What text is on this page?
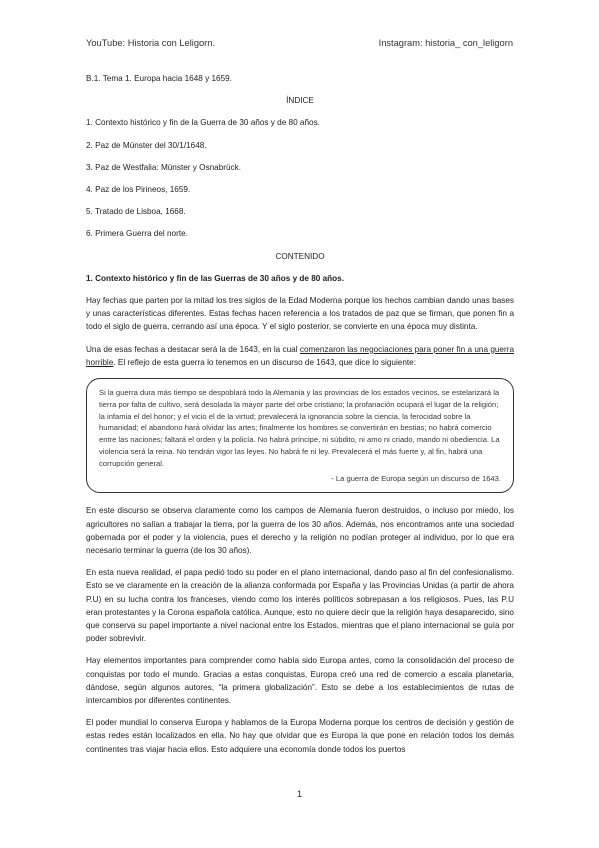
YouTube: Historia con Leligorn.	Instagram: historia_ con_leligorn
B.1. Tema 1. Europa hacia 1648 y 1659.
ÍNDICE
1. Contexto histórico y fin de la Guerra de 30 años y de 80 años.
2. Paz de Münster del 30/1/1648.
3. Paz de Westfalia: Münster y Osnabrück.
4. Paz de los Pirineos, 1659.
5. Tratado de Lisboa, 1668.
6. Primera Guerra del norte.
CONTENIDO
1. Contexto histórico y fin de las Guerras de 30 años y de 80 años.

Hay fechas que parten por la mitad los tres siglos de la Edad Moderna porque los hechos cambian dando unas bases y unas características diferentes. Estas fechas hacen referencia a los tratados de paz que se firman, que ponen fin a todo el siglo de guerra, cerrando así una época. Y el siglo posterior, se convierte en una época muy distinta.

Una de esas fechas a destacar será la de 1643, en la cual comenzaron las negociaciones para poner fin a una guerra horrible. El reflejo de esta guerra lo tenemos en un discurso de 1643, que dice lo siguiente:

Si la guerra dura más tiempo se despoblará todo la Alemania y las provincias de los estados vecinos, se estelarizará la tierra por falta de cultivo, será desolada la mayor parte del orbe cristiano; la profanación ocupará el lugar de la religión; la infamia el del honor; y el vicio el de la virtud; prevalecerá la ignorancia sobre la ciencia, la ferocidad sobre la humanidad; el abandono hará olvidar las artes; finalmente los hombres se convertirán en bestias; no habrá comercio entre las naciones; faltará el orden y la policía. No habrá príncipe, ni súbdito, ni amo ni criado, mando ni obediencia. La violencia será la reina. No tendrán vigor las leyes. No habrá fe ni ley. Prevalecerá el más fuerte y, al fin, habrá una corrupción general.
- La guerra de Europa según un discurso de 1643.

En este discurso se observa claramente como los campos de Alemania fueron destruidos, o incluso por miedo, los agricultores no salían a trabajar la tierra, por la guerra de los 30 años. Además, nos encontramos ante una sociedad gobernada por el poder y la violencia, pues el derecho y la religión no podían proteger al individuo, por lo que era necesario terminar la guerra (de los 30 años).

En esta nueva realidad, el papa pedió todo su poder en el plano internacional, dando paso al fin del confesionalismo. Esto se ve claramente en la creación de la alianza conformada por España y las Provincias Unidas (a partir de ahora P.U) en su lucha contra los franceses, viendo como los interés políticos sobrepasan a los religiosos. Pues, las P.U eran protestantes y la Corona española católica. Aunque, esto no quiere decir que la religión haya desaparecido, sino que conserva su papel importante a nivel nacional entre los Estados, mientras que el plano internacional se guía por poder sobrevivir.

Hay elementos importantes para comprender como había sido Europa antes, como la consolidación del proceso de conquistas por todo el mundo. Gracias a estas conquistas, Europa creó una red de comercio a escala planetaria, dándose, según algunos autores, “la primera globalización”. Esto se debe a los establecimientos de rutas de intercambios por diferentes continentes.

El poder mundial lo conserva Europa y hablamos de la Europa Moderna porque los centros de decisión y gestión de estas redes están localizados en ella. No hay que olvidar que es Europa la que pone en relación todos los demás continentes tras viajar hacia ellos. Esto adquiere una economía donde todos los puertos

1
